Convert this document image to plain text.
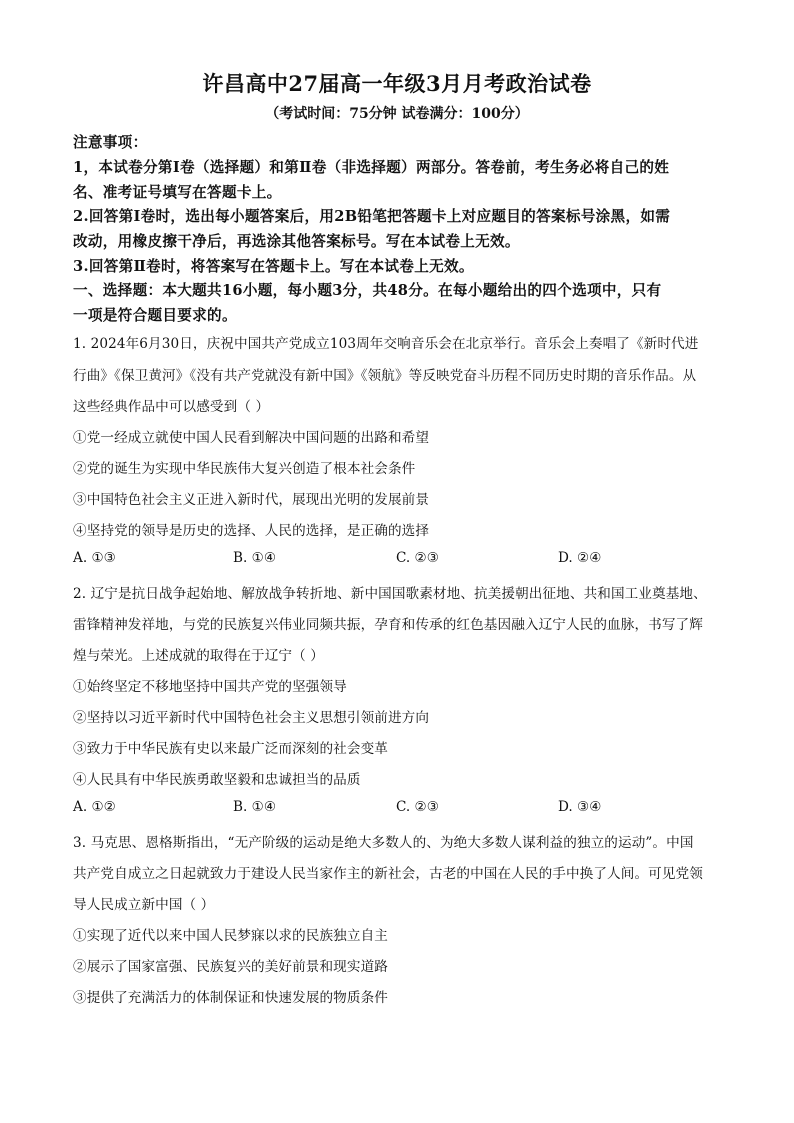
许昌高中27届高一年级3月月考政治试卷
（考试时间：75分钟 试卷满分：100分）
注意事项：
1，本试卷分第Ⅰ卷（选择题）和第Ⅱ卷（非选择题）两部分。答卷前，考生务必将自己的姓
名、准考证号填写在答题卡上。
2.回答第Ⅰ卷时，选出每小题答案后，用2B铅笔把答题卡上对应题目的答案标号涂黑，如需
改动，用橡皮擦干净后，再选涂其他答案标号。写在本试卷上无效。
3.回答第Ⅱ卷时，将答案写在答题卡上。写在本试卷上无效。
一、选择题：本大题共16小题，每小题3分，共48分。在每小题给出的四个选项中，只有
一项是符合题目要求的。
1. 2024年6月30日，庆祝中国共产党成立103周年交响音乐会在北京举行。音乐会上奏唱了《新时代进
行曲》《保卫黄河》《没有共产党就没有新中国》《领航》等反映党奋斗历程不同历史时期的音乐作品。从
这些经典作品中可以感受到（ ）
①党一经成立就使中国人民看到解决中国问题的出路和希望
②党的诞生为实现中华民族伟大复兴创造了根本社会条件
③中国特色社会主义正进入新时代，展现出光明的发展前景
④坚持党的领导是历史的选择、人民的选择，是正确的选择
A. ①③	B. ①④	C. ②③	D. ②④
2. 辽宁是抗日战争起始地、解放战争转折地、新中国国歌素材地、抗美援朝出征地、共和国工业奠基地、
雷锋精神发祥地，与党的民族复兴伟业同频共振，孕育和传承的红色基因融入辽宁人民的血脉，书写了辉
煌与荣光。上述成就的取得在于辽宁（ ）
①始终坚定不移地坚持中国共产党的坚强领导
②坚持以习近平新时代中国特色社会主义思想引领前进方向
③致力于中华民族有史以来最广泛而深刻的社会变革
④人民具有中华民族勇敢坚毅和忠诚担当的品质
A. ①②	B. ①④	C. ②③	D. ③④
3. 马克思、恩格斯指出，“无产阶级的运动是绝大多数人的、为绝大多数人谋利益的独立的运动”。中国
共产党自成立之日起就致力于建设人民当家作主的新社会，古老的中国在人民的手中换了人间。可见党领
导人民成立新中国（ ）
①实现了近代以来中国人民梦寐以求的民族独立自主
②展示了国家富强、民族复兴的美好前景和现实道路
③提供了充满活力的体制保证和快速发展的物质条件
